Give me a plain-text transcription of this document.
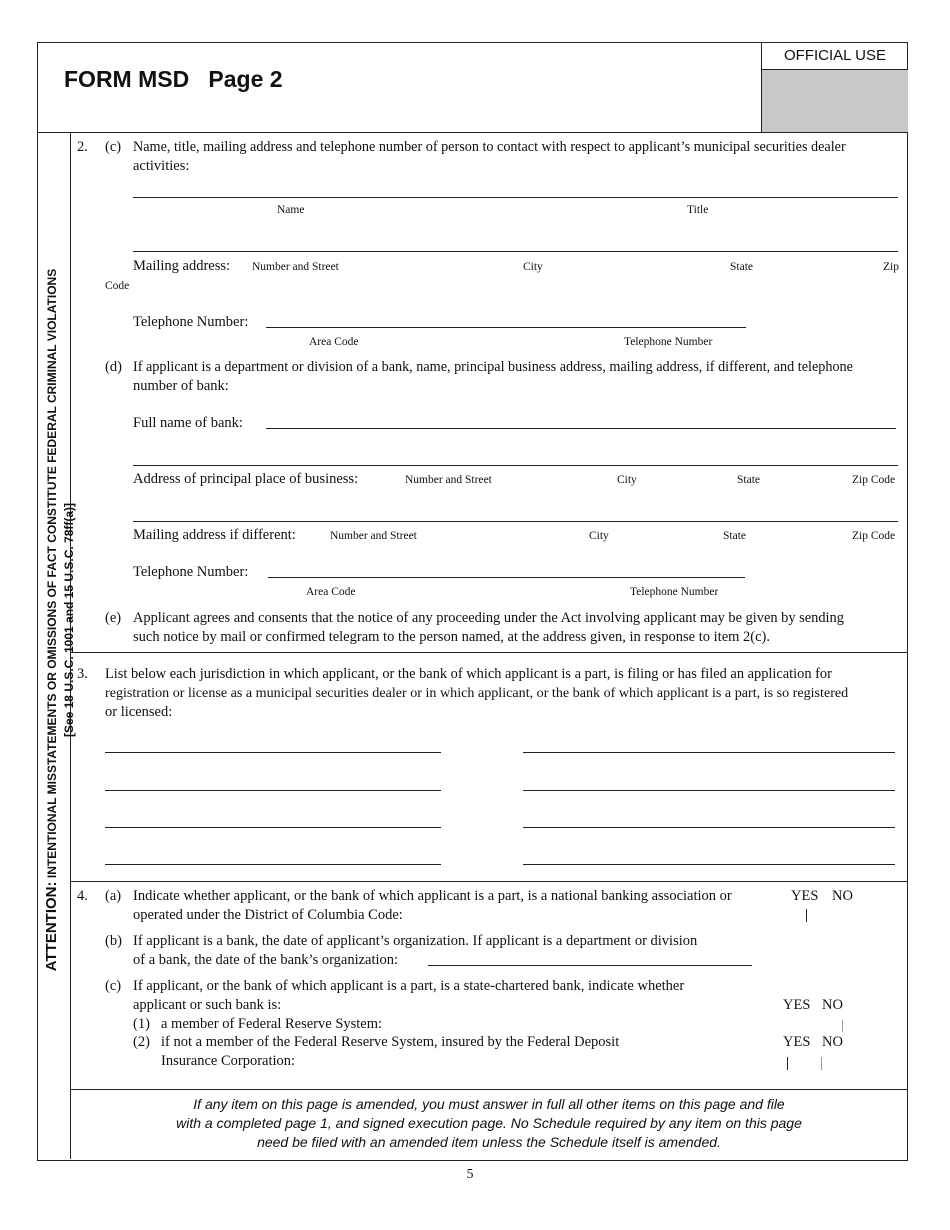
FORM MSD Page 2
OFFICIAL USE
ATTENTION: INTENTIONAL MISSTATEMENTS OR OMISSIONS OF FACT CONSTITUTE FEDERAL CRIMINAL VIOLATIONS [See 18 U.S.C. 1001 and 15 U.S.C. 78ff(a)]
2. (c) Name, title, mailing address and telephone number of person to contact with respect to applicant’s municipal securities dealer
activities:
Name	Title
Mailing address: Number and Street	City	State	Zip
Code
Telephone Number:
Area Code	Telephone Number
(d) If applicant is a department or division of a bank, name, principal business address, mailing address, if different, and telephone
number of bank:
Full name of bank:
Address of principal place of business:	Number and Street	City	State	Zip Code
Mailing address if different:	Number and Street	City	State	Zip Code
Telephone Number:
Area Code	Telephone Number
(e) Applicant agrees and consents that the notice of any proceeding under the Act involving applicant may be given by sending
such notice by mail or confirmed telegram to the person named, at the address given, in response to item 2(c).
3. List below each jurisdiction in which applicant, or the bank of which applicant is a part, is filing or has filed an application for
registration or license as a municipal securities dealer or in which applicant, or the bank of which applicant is a part, is so registered
or licensed:
4. (a) Indicate whether applicant, or the bank of which applicant is a part, is a national banking association or
operated under the District of Columbia Code:
YES NO
(b) If applicant is a bank, the date of applicant’s organization. If applicant is a department or division
of a bank, the date of the bank’s organization:
(c) If applicant, or the bank of which applicant is a part, is a state-chartered bank, indicate whether
applicant or such bank is:	YES NO
(1) a member of Federal Reserve System:
(2) if not a member of the Federal Reserve System, insured by the Federal Deposit
Insurance Corporation:
YES NO
If any item on this page is amended, you must answer in full all other items on this page and file
with a completed page 1, and signed execution page. No Schedule required by any item on this page
need be filed with an amended item unless the Schedule itself is amended.
5
